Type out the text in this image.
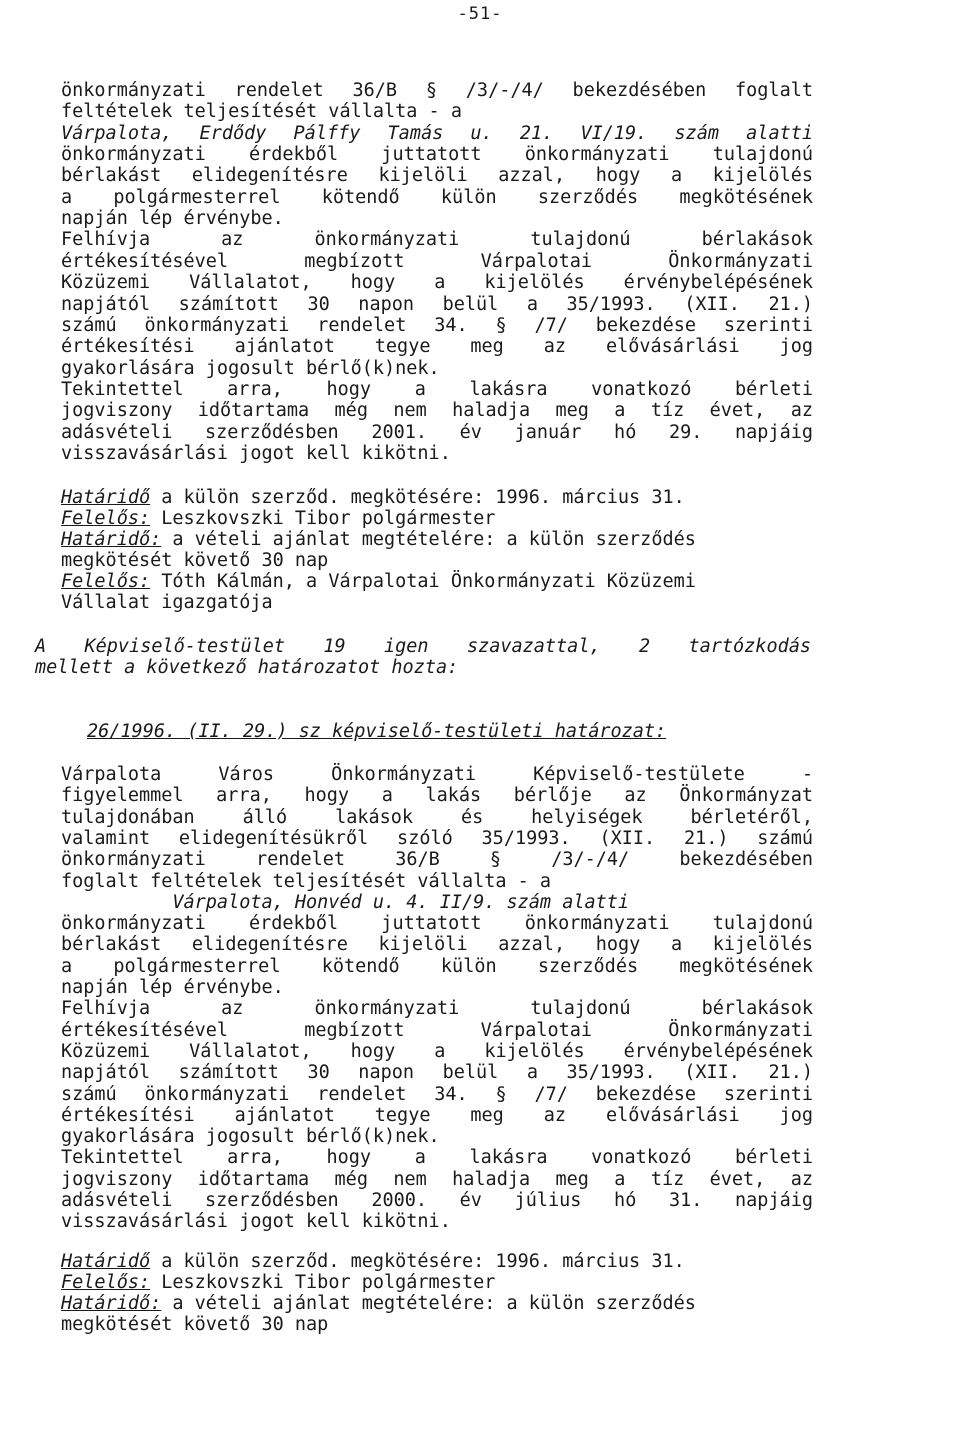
-51-
önkormányzati rendelet 36/B § /3/-/4/ bekezdésében foglalt
feltételek teljesítését vállalta - a
Várpalota, Erdődy Pálffy Tamás u. 21. VI/19. szám alatti
önkormányzati érdekből juttatott önkormányzati tulajdonú
bérlakást elidegenítésre kijelöli azzal, hogy a kijelölés
a polgármesterrel kötendő külön szerződés megkötésének
napján lép érvénybe.
Felhívja az önkormányzati tulajdonú bérlakások
értékesítésével megbízott Várpalotai Önkormányzati
Közüzemi Vállalatot, hogy a kijelölés érvénybelépésének
napjától számított 30 napon belül a 35/1993. (XII. 21.)
számú önkormányzati rendelet 34. § /7/ bekezdése szerinti
értékesítési ajánlatot tegye meg az elővásárlási jog
gyakorlására jogosult bérlő(k)nek.
Tekintettel arra, hogy a lakásra vonatkozó bérleti
jogviszony időtartama még nem haladja meg a tíz évet, az
adásvételi szerződésben 2001. év január hó 29. napjáig
visszavásárlási jogot kell kikötni.
Határidő a külön szerződ. megkötésére: 1996. március 31.
Felelős: Leszkovszki Tibor polgármester
Határidő: a vételi ajánlat megtételére: a külön szerződés
megkötését követő 30 nap
Felelős: Tóth Kálmán, a Várpalotai Önkormányzati Közüzemi
Vállalat igazgatója
A Képviselő-testület 19 igen szavazattal, 2 tartózkodás
mellett a következő határozatot hozta:
26/1996. (II. 29.) sz képviselő-testületi határozat:
Várpalota Város Önkormányzati Képviselő-testülete -
figyelemmel arra, hogy a lakás bérlője az Önkormányzat
tulajdonában álló lakások és helyiségek bérletéről,
valamint elidegenítésükről szóló 35/1993. (XII. 21.) számú
önkormányzati rendelet 36/B § /3/-/4/ bekezdésében
foglalt feltételek teljesítését vállalta - a
Várpalota, Honvéd u. 4. II/9. szám alatti
önkormányzati érdekből juttatott önkormányzati tulajdonú
bérlakást elidegenítésre kijelöli azzal, hogy a kijelölés
a polgármesterrel kötendő külön szerződés megkötésének
napján lép érvénybe.
Felhívja az önkormányzati tulajdonú bérlakások
értékesítésével megbízott Várpalotai Önkormányzati
Közüzemi Vállalatot, hogy a kijelölés érvénybelépésének
napjától számított 30 napon belül a 35/1993. (XII. 21.)
számú önkormányzati rendelet 34. § /7/ bekezdése szerinti
értékesítési ajánlatot tegye meg az elővásárlási jog
gyakorlására jogosult bérlő(k)nek.
Tekintettel arra, hogy a lakásra vonatkozó bérleti
jogviszony időtartama még nem haladja meg a tíz évet, az
adásvételi szerződésben 2000. év július hó 31. napjáig
visszavásárlási jogot kell kikötni.
Határidő a külön szerződ. megkötésére: 1996. március 31.
Felelős: Leszkovszki Tibor polgármester
Határidő: a vételi ajánlat megtételére: a külön szerződés
megkötését követő 30 nap
